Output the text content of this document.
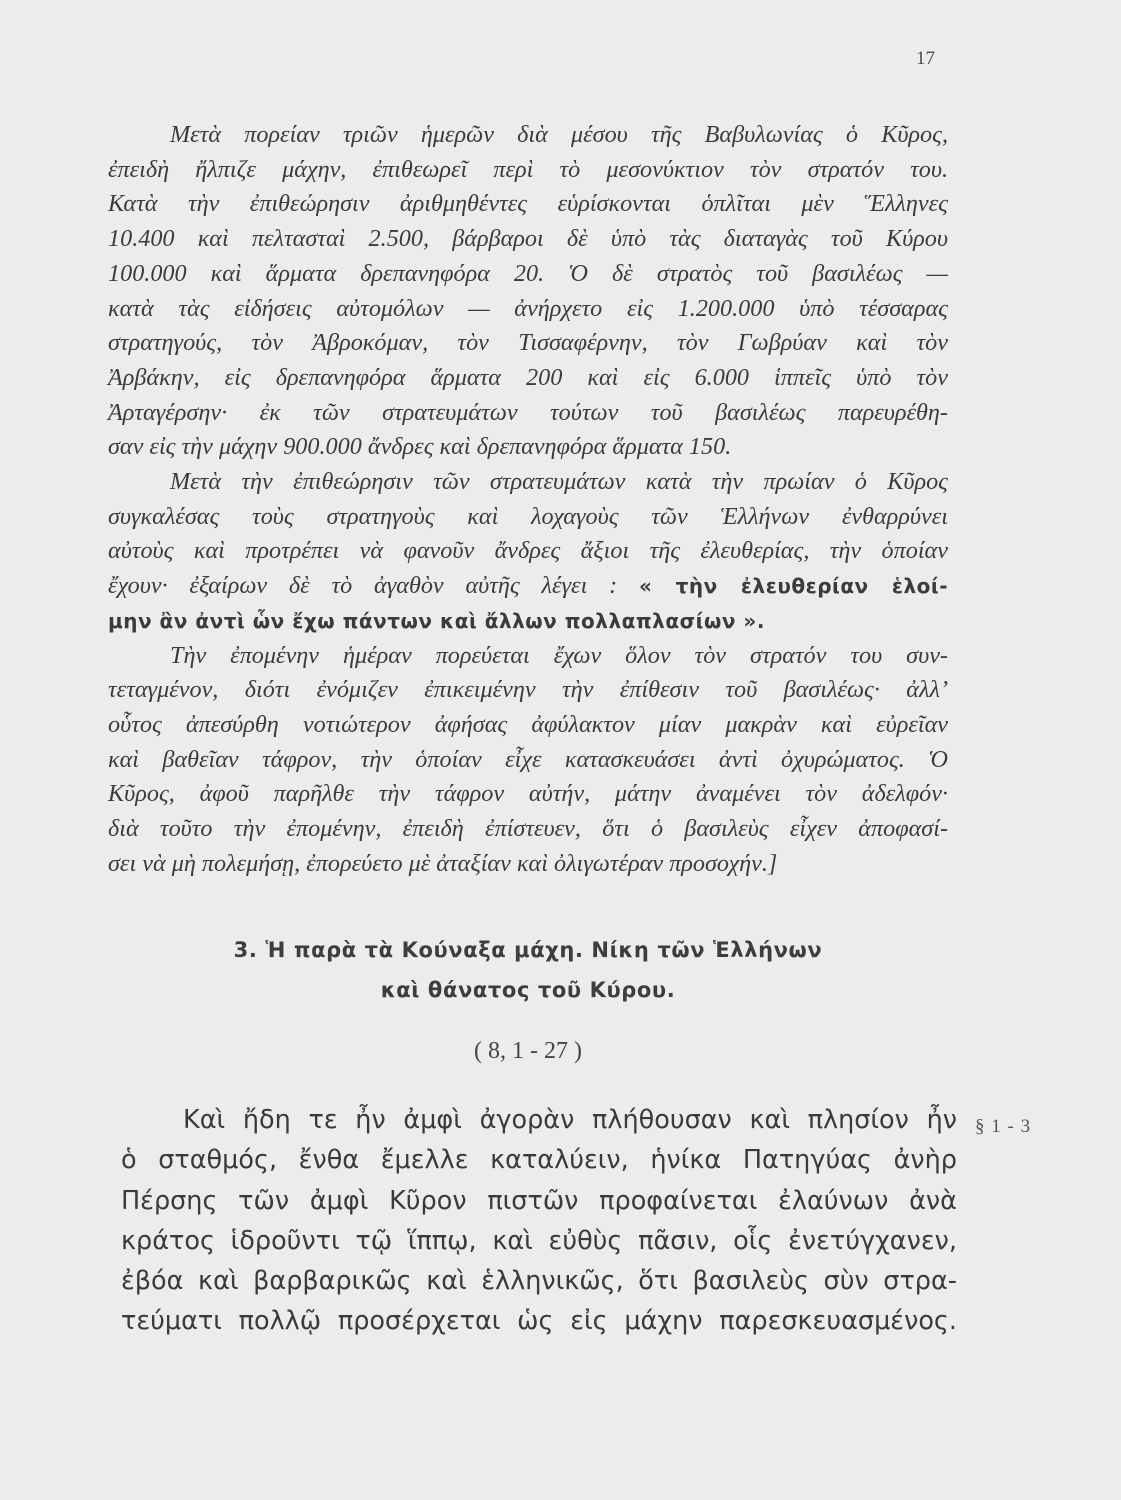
17
Μετὰ πορείαν τριῶν ἡμερῶν διὰ μέσου τῆς Βαβυλωνίας ὁ Κῦρος,
ἐπειδὴ ἤλπιζε μάχην, ἐπιθεωρεῖ περὶ τὸ μεσονύκτιον τὸν στρατόν του.
Κατὰ τὴν ἐπιθεώρησιν ἀριθμηθέντες εὑρίσκονται ὁπλῖται μὲν Ἕλληνες
10.400 καὶ πελτασταὶ 2.500, βάρβαροι δὲ ὑπὸ τὰς διαταγὰς τοῦ Κύρου
100.000 καὶ ἅρματα δρεπανηφόρα 20. Ὁ δὲ στρατὸς τοῦ βασιλέως —
κατὰ τὰς εἰδήσεις αὐτομόλων — ἀνήρχετο εἰς 1.200.000 ὑπὸ τέσσαρας
στρατηγούς, τὸν Ἀβροκόμαν, τὸν Τισσαφέρνην, τὸν Γωβρύαν καὶ τὸν
Ἀρβάκην, εἰς δρεπανηφόρα ἅρματα 200 καὶ εἰς 6.000 ἱππεῖς ὑπὸ τὸν
Ἀρταγέρσην· ἐκ τῶν στρατευμάτων τούτων τοῦ βασιλέως παρευρέθη-
σαν εἰς τὴν μάχην 900.000 ἄνδρες καὶ δρεπανηφόρα ἅρματα 150.
Μετὰ τὴν ἐπιθεώρησιν τῶν στρατευμάτων κατὰ τὴν πρωίαν ὁ Κῦρος
συγκαλέσας τοὺς στρατηγοὺς καὶ λοχαγοὺς τῶν Ἑλλήνων ἐνθαρρύνει
αὐτοὺς καὶ προτρέπει νὰ φανοῦν ἄνδρες ἄξιοι τῆς ἐλευθερίας, τὴν ὁποίαν
ἔχουν· ἐξαίρων δὲ τὸ ἀγαθὸν αὐτῆς λέγει : « τὴν ἐλευθερίαν ἑλοί-
μην ἂν ἀντὶ ὧν ἔχω πάντων καὶ ἄλλων πολλαπλασίων ».
Τὴν ἐπομένην ἡμέραν πορεύεται ἔχων ὅλον τὸν στρατόν του συν-
τεταγμένον, διότι ἐνόμιζεν ἐπικειμένην τὴν ἐπίθεσιν τοῦ βασιλέως· ἀλλ’
οὗτος ἀπεσύρθη νοτιώτερον ἀφήσας ἀφύλακτον μίαν μακρὰν καὶ εὐρεῖαν
καὶ βαθεῖαν τάφρον, τὴν ὁποίαν εἶχε κατασκευάσει ἀντὶ ὀχυρώματος. Ὁ
Κῦρος, ἀφοῦ παρῆλθε τὴν τάφρον αὐτήν, μάτην ἀναμένει τὸν ἀδελφόν·
διὰ τοῦτο τὴν ἐπομένην, ἐπειδὴ ἐπίστευεν, ὅτι ὁ βασιλεὺς εἶχεν ἀποφασί-
σει νὰ μὴ πολεμήσῃ, ἐπορεύετο μὲ ἀταξίαν καὶ ὀλιγωτέραν προσοχήν.]
3. Ἡ παρὰ τὰ Κούναξα μάχη. Νίκη τῶν Ἑλλήνων
καὶ θάνατος τοῦ Κύρου.
( 8, 1 - 27 )
§ 1 - 3
Καὶ ἤδη τε ἦν ἀμφὶ ἀγορὰν πλήθουσαν καὶ πλησίον ἦν
ὁ σταθμός, ἔνθα ἔμελλε καταλύειν, ἡνίκα Πατηγύας ἀνὴρ
Πέρσης τῶν ἀμφὶ Κῦρον πιστῶν προφαίνεται ἐλαύνων ἀνὰ
κράτος ἱδροῦντι τῷ ἵππῳ, καὶ εὐθὺς πᾶσιν, οἷς ἐνετύγχανεν,
ἐβόα καὶ βαρβαρικῶς καὶ ἑλληνικῶς, ὅτι βασιλεὺς σὺν στρα-
τεύματι πολλῷ προσέρχεται ὡς εἰς μάχην παρεσκευασμένος.
